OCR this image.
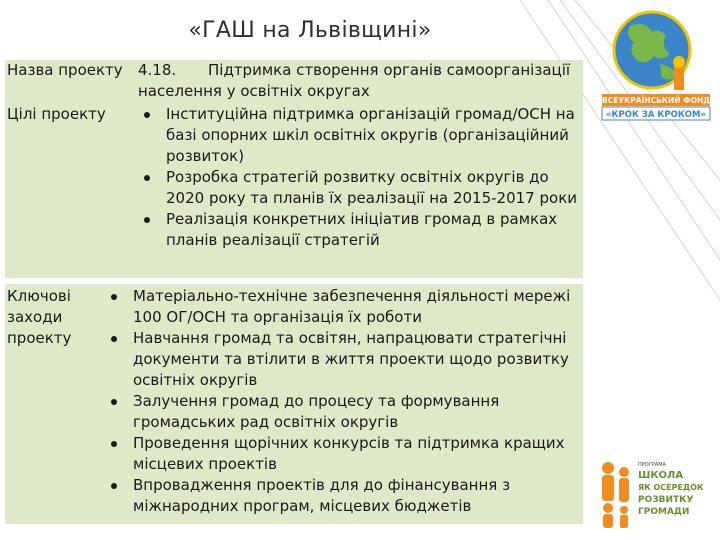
«ГАШ на Львівщині»
Назва проекту 4.18. Підтримка створення органів самоорганізації населення у освітніх округах
Цілі проекту	Інституційна підтримка організацій громад/ОСН на базі опорних шкіл освітніх округів (організаційний розвиток)
Розробка стратегій розвитку освітніх округів до 2020 року та планів їх реалізації на 2015-2017 роки
Реалізація конкретних ініціатив громад в рамках планів реалізації стратегій
Ключові заходи проекту
Матеріально-технічне забезпечення діяльності мережі 100 ОГ/ОСН та організація їх роботи
Навчання громад та освітян, напрацювати стратегічні документи та втілити в життя проекти щодо розвитку освітніх округів
Залучення громад до процесу та формування громадських рад освітніх округів
Проведення щорічних конкурсів та підтримка кращих місцевих проектів
Впровадження проектів для до фінансування з міжнародних програм, місцевих бюджетів
ВСЕУКРАЇНСЬКИЙ ФОНД
«КРОК ЗА КРОКОМ»
ПРОГРАМА
ШКОЛА
ЯК ОСЕРЕДОК
РОЗВИТКУ
ГРОМАДИ
